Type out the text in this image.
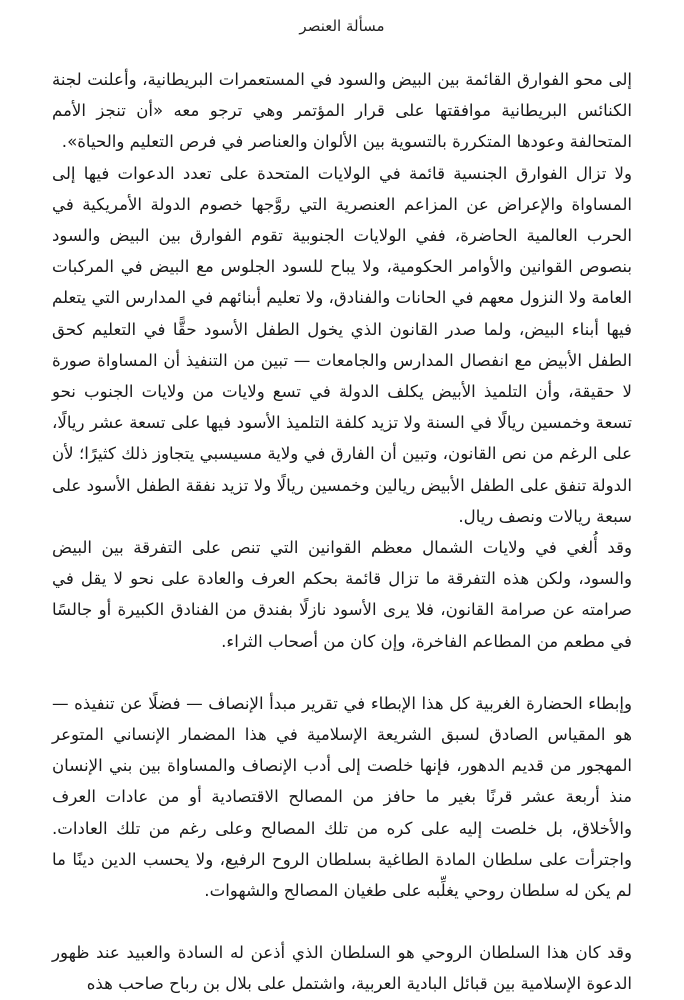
مسألة العنصر

إلى محو الفوارق القائمة بين البيض والسود في المستعمرات البريطانية، وأعلنت لجنة الكنائس البريطانية موافقتها على قرار المؤتمر وهي ترجو معه «أن تنجز الأمم المتحالفة وعودها المتكررة بالتسوية بين الألوان والعناصر في فرص التعليم والحياة».

ولا تزال الفوارق الجنسية قائمة في الولايات المتحدة على تعدد الدعوات فيها إلى المساواة والإعراض عن المزاعم العنصرية التي روَّجها خصوم الدولة الأمريكية في الحرب العالمية الحاضرة، ففي الولايات الجنوبية تقوم الفوارق بين البيض والسود بنصوص القوانين والأوامر الحكومية، ولا يباح للسود الجلوس مع البيض في المركبات العامة ولا النزول معهم في الحانات والفنادق، ولا تعليم أبنائهم في المدارس التي يتعلم فيها أبناء البيض، ولما صدر القانون الذي يخول الطفل الأسود حقًّا في التعليم كحق الطفل الأبيض مع انفصال المدارس والجامعات — تبين من التنفيذ أن المساواة صورة لا حقيقة، وأن التلميذ الأبيض يكلف الدولة في تسع ولايات من ولايات الجنوب نحو تسعة وخمسين ريالًا في السنة ولا تزيد كلفة التلميذ الأسود فيها على تسعة عشر ريالًا، على الرغم من نص القانون، وتبين أن الفارق في ولاية مسيسبي يتجاوز ذلك كثيرًا؛ لأن الدولة تنفق على الطفل الأبيض ريالين وخمسين ريالًا ولا تزيد نفقة الطفل الأسود على سبعة ريالات ونصف ريال.

وقد أُلغي في ولايات الشمال معظم القوانين التي تنص على التفرقة بين البيض والسود، ولكن هذه التفرقة ما تزال قائمة بحكم العرف والعادة على نحو لا يقل في صرامته عن صرامة القانون، فلا يرى الأسود نازلًا بفندق من الفنادق الكبيرة أو جالسًا في مطعم من المطاعم الفاخرة، وإن كان من أصحاب الثراء.

وإبطاء الحضارة الغربية كل هذا الإبطاء في تقرير مبدأ الإنصاف — فضلًا عن تنفيذه — هو المقياس الصادق لسبق الشريعة الإسلامية في هذا المضمار الإنساني المتوعر المهجور من قديم الدهور، فإنها خلصت إلى أدب الإنصاف والمساواة بين بني الإنسان منذ أربعة عشر قرنًا بغير ما حافز من المصالح الاقتصادية أو من عادات العرف والأخلاق، بل خلصت إليه على كره من تلك المصالح وعلى رغم من تلك العادات. واجترأت على سلطان المادة الطاغية بسلطان الروح الرفيع، ولا يحسب الدين دينًا ما لم يكن له سلطان روحي يغلِّبه على طغيان المصالح والشهوات.

وقد كان هذا السلطان الروحي هو السلطان الذي أذعن له السادة والعبيد عند ظهور الدعوة الإسلامية بين قبائل البادية العربية، واشتمل على بلال بن رباح صاحب هذه
